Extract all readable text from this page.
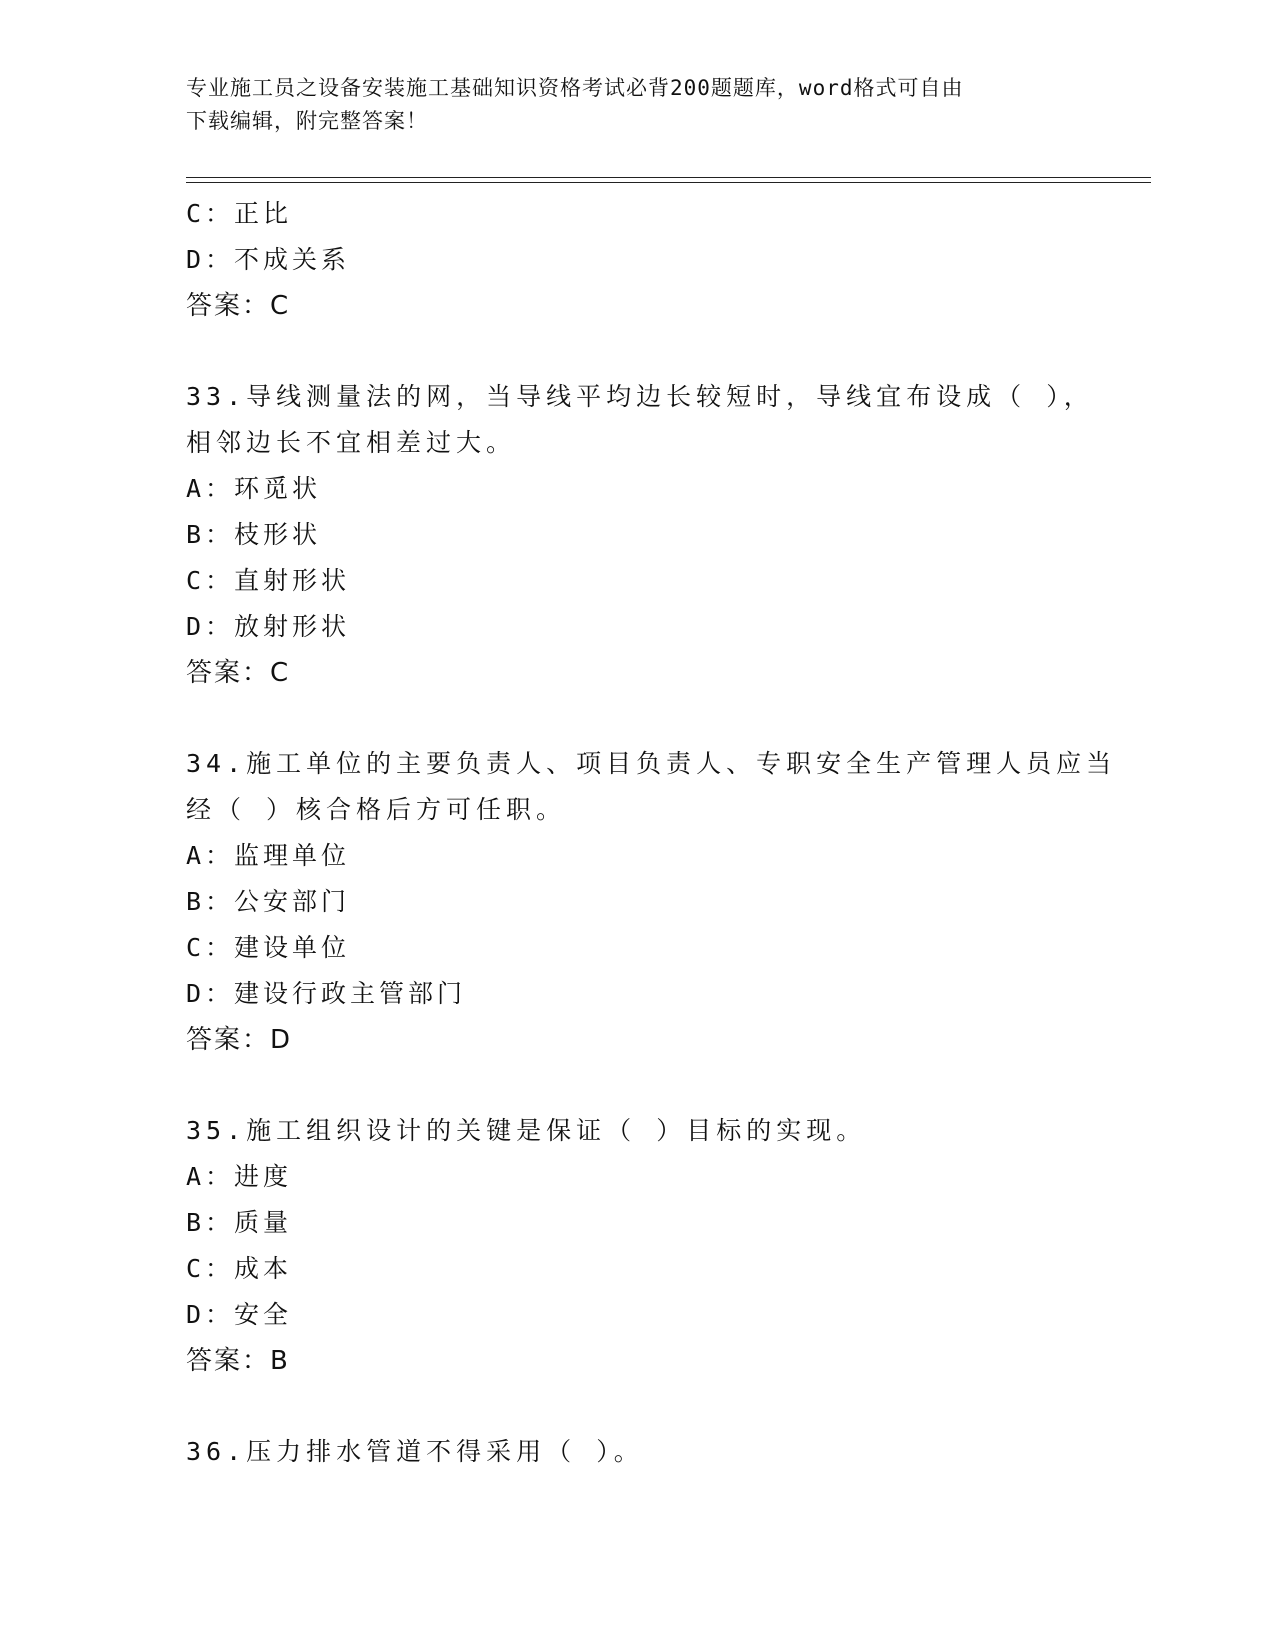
专业施工员之设备安装施工基础知识资格考试必背200题题库，word格式可自由
下载编辑，附完整答案！
C：正比
D：不成关系
答案：C
33.导线测量法的网，当导线平均边长较短时，导线宜布设成（ ），
相邻边长不宜相差过大。
A：环觅状
B：枝形状
C：直射形状
D：放射形状
答案：C
34.施工单位的主要负责人、项目负责人、专职安全生产管理人员应当
经（ ）核合格后方可任职。
A：监理单位
B：公安部门
C：建设单位
D：建设行政主管部门
答案：D
35.施工组织设计的关键是保证（ ）目标的实现。
A：进度
B：质量
C：成本
D：安全
答案：B
36.压力排水管道不得采用（ ）。
